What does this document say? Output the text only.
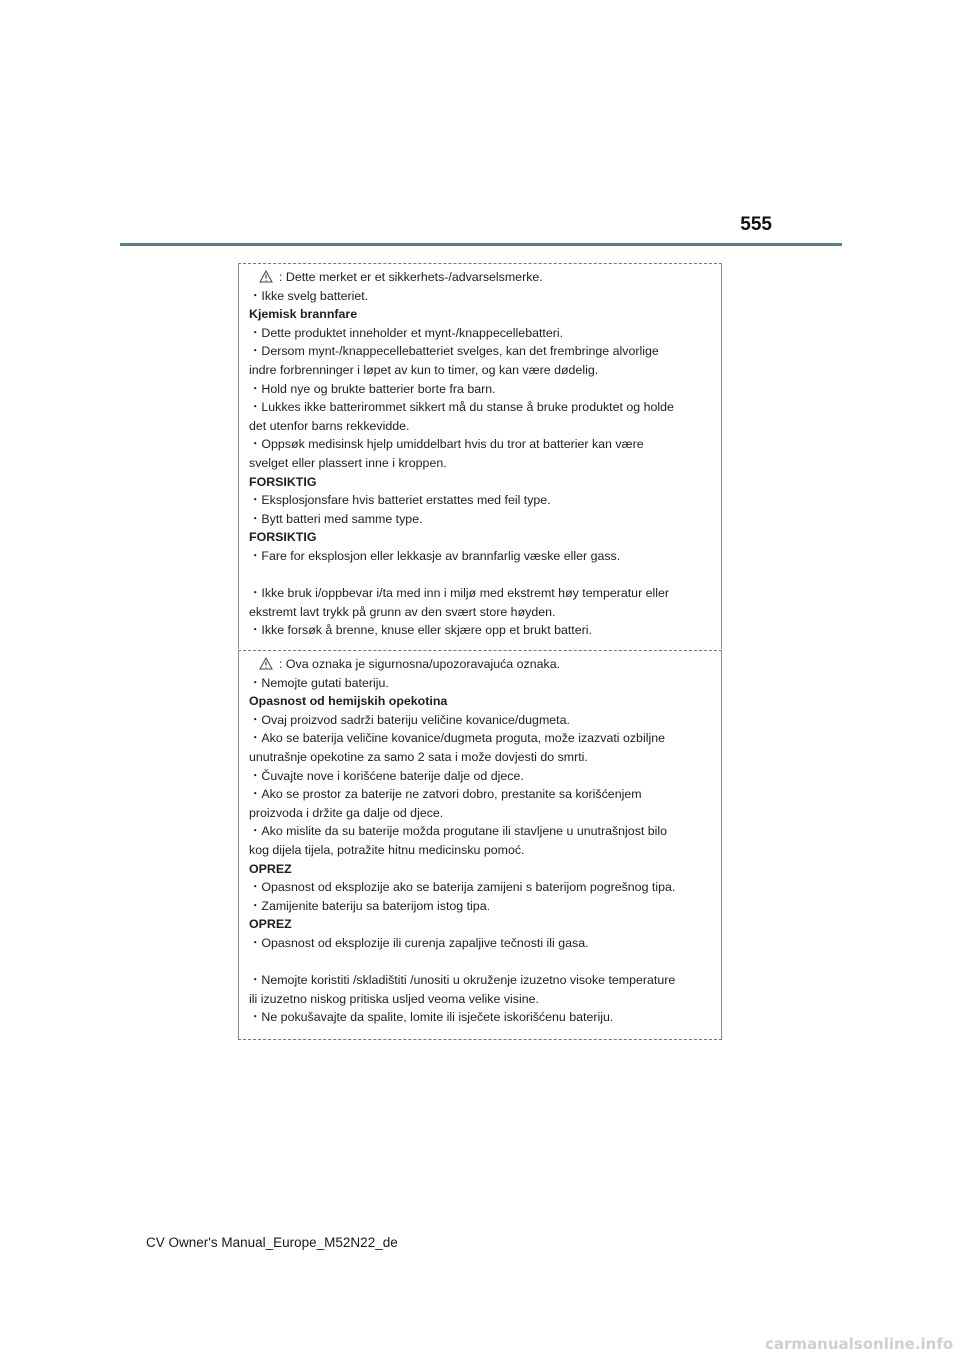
555
: Dette merket er et sikkerhets-/advarselsmerke.
・Ikke svelg batteriet.
Kjemisk brannfare
・Dette produktet inneholder et mynt-/knappecellebatteri.
・Dersom mynt-/knappecellebatteriet svelges, kan det frembringe alvorlige
indre forbrenninger i løpet av kun to timer, og kan være dødelig.
・Hold nye og brukte batterier borte fra barn.
・Lukkes ikke batterirommet sikkert må du stanse å bruke produktet og holde
det utenfor barns rekkevidde.
・Oppsøk medisinsk hjelp umiddelbart hvis du tror at batterier kan være
svelget eller plassert inne i kroppen.
FORSIKTIG
・Eksplosjonsfare hvis batteriet erstattes med feil type.
・Bytt batteri med samme type.
FORSIKTIG
・Fare for eksplosjon eller lekkasje av brannfarlig væske eller gass.
・Ikke bruk i/oppbevar i/ta med inn i miljø med ekstremt høy temperatur eller
ekstremt lavt trykk på grunn av den svært store høyden.
・Ikke forsøk å brenne, knuse eller skjære opp et brukt batteri.
: Ova oznaka je sigurnosna/upozoravajuća oznaka.
・Nemojte gutati bateriju.
Opasnost od hemijskih opekotina
・Ovaj proizvod sadrži bateriju veličine kovanice/dugmeta.
・Ako se baterija veličine kovanice/dugmeta proguta, može izazvati ozbiljne
unutrašnje opekotine za samo 2 sata i može dovjesti do smrti.
・Čuvajte nove i korišćene baterije dalje od djece.
・Ako se prostor za baterije ne zatvori dobro, prestanite sa korišćenjem
proizvoda i držite ga dalje od djece.
・Ako mislite da su baterije možda progutane ili stavljene u unutrašnjost bilo
kog dijela tijela, potražite hitnu medicinsku pomoć.
OPREZ
・Opasnost od eksplozije ako se baterija zamijeni s baterijom pogrešnog tipa.
・Zamijenite bateriju sa baterijom istog tipa.
OPREZ
・Opasnost od eksplozije ili curenja zapaljive tečnosti ili gasa.
・Nemojte koristiti /skladištiti /unositi u okruženje izuzetno visoke temperature
ili izuzetno niskog pritiska usljed veoma velike visine.
・Ne pokušavajte da spalite, lomite ili isječete iskorišćenu bateriju.
CV Owner's Manual_Europe_M52N22_de
carmanualsonline.info
